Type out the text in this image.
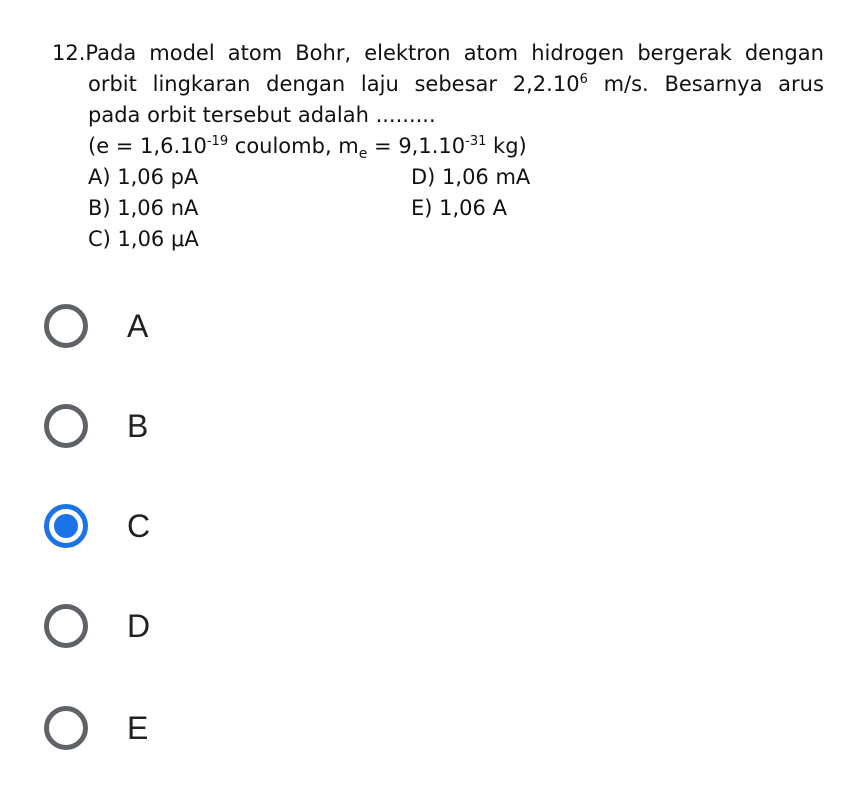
12.Pada model atom Bohr, elektron atom hidrogen bergerak dengan
orbit lingkaran dengan laju sebesar 2,2.10$^6$ m/s. Besarnya arus
pada orbit tersebut adalah .........
($e = 1,6.10^{-19}$ coulomb, $m_e = 9,1.10^{-31}$ kg)
A) 1,06 pA	D) 1,06 mA
B) 1,06 nA	E) 1,06 A
C) 1,06 μA
A
B
C
D
E
